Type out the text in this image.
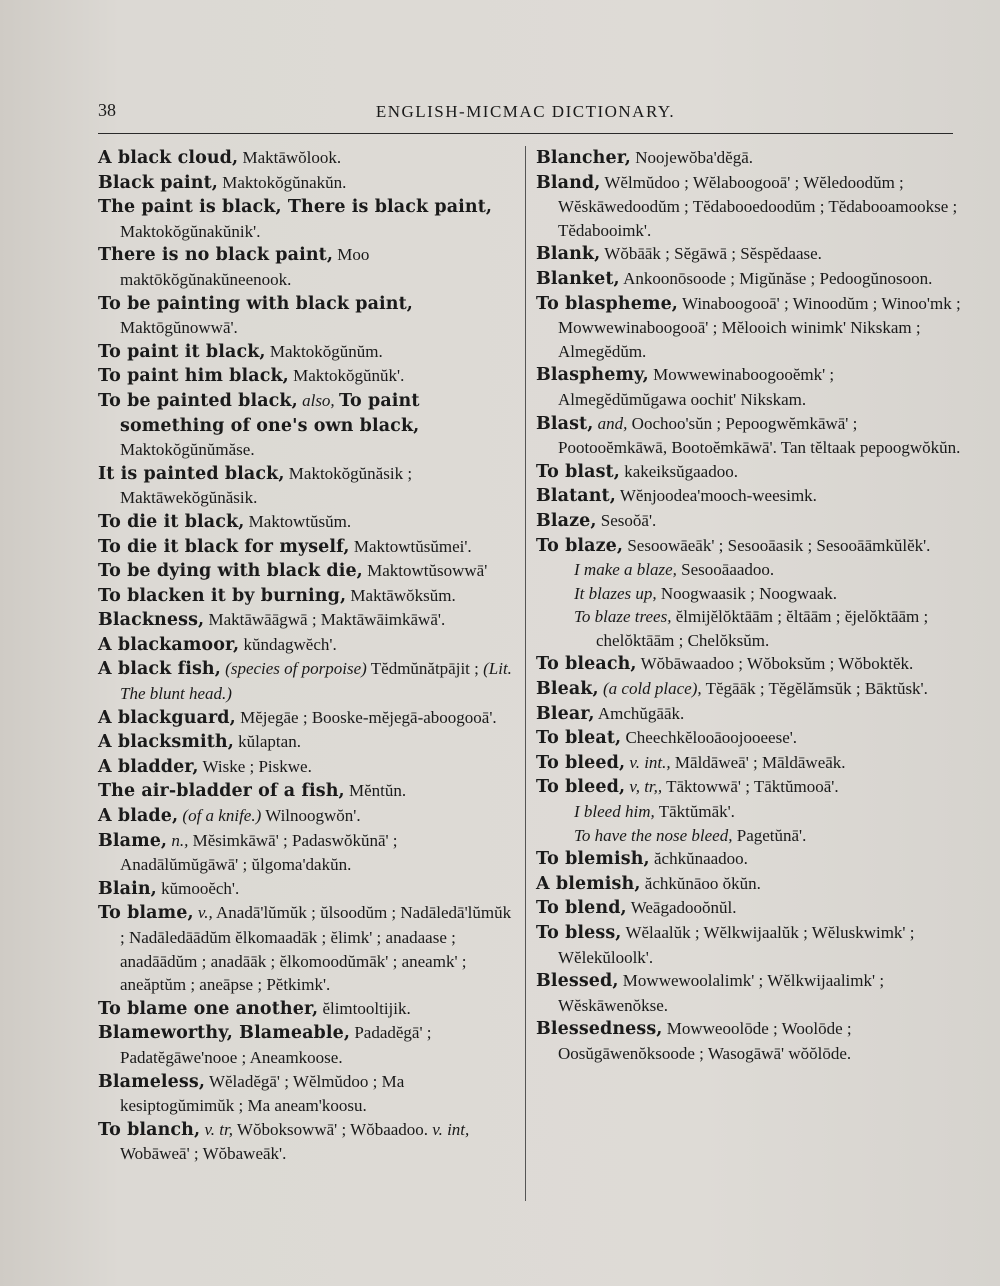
38	ENGLISH-MICMAC DICTIONARY.

A black cloud, Maktāwŏlook.

Black paint, Maktokŏgŭnakŭn.

The paint is black, There is black paint, Maktokŏgŭnakŭnik'.

There is no black paint, Moo maktōkŏgŭnakŭneenook.

To be painting with black paint, Maktōgŭnowwā'.

To paint it black, Maktokŏgŭnŭm.

To paint him black, Maktokŏgŭnŭk'.

To be painted black, also, To paint something of one's own black, Maktokŏgŭnŭmăse.

It is painted black, Maktokŏgŭnăsik ; Maktāwekŏgŭnăsik.

To die it black, Maktowtŭsŭm.

To die it black for myself, Maktowtŭsŭmei'.

To be dying with black die, Maktowtŭsowwā'

To blacken it by burning, Maktāwŏksŭm.

Blackness, Maktāwāāgwā ; Maktāwāimkāwā'.

A blackamoor, kŭndagwĕch'.

A black fish, (species of porpoise) Tĕdmŭnătpājit ; (Lit. The blunt head.)

A blackguard, Mĕjegāe ; Booske-mĕjegā-aboogooā'.

A blacksmith, kŭlaptan.

A bladder, Wiske ; Piskwe.

The air-bladder of a fish, Mĕntŭn.

A blade, (of a knife.) Wilnoogwŏn'.

Blame, n., Mĕsimkāwā' ; Padaswŏkŭnā' ; Anadālŭmŭgāwā' ; ŭlgoma'dakŭn.

Blain, kŭmooĕch'.

To blame, v., Anadā'lŭmŭk ; ŭlsoodŭm ; Nadāledā'lŭmŭk ; Nadāledāādŭm ĕlkomaadāk ; ĕlimk' ; anadaase ; anadāādŭm ; anadāāk ; ĕlkomoodŭmāk' ; aneamk' ; aneăptŭm ; aneāpse ; Pĕtkimk'.

To blame one another, ĕlimtooltijik.

Blameworthy, Blameable, Padadĕgā' ; Padatĕgāwe'nooe ; Aneamkoose.

Blameless, Wĕladĕgā' ; Wĕlmŭdoo ; Ma kesiptogŭmimŭk ; Ma aneam'koosu.

To blanch, v. tr, Wŏboksowwā' ; Wŏbaadoo. v. int, Wobāweā' ; Wŏbaweāk'.

Blancher, Noojewŏba'dĕgā.

Bland, Wĕlmŭdoo ; Wĕlaboogooā' ; Wĕledoodŭm ; Wĕskāwedoodŭm ; Tĕdabooedoodŭm ; Tĕdabooamookse ; Tĕdabooimk'.

Blank, Wŏbāāk ; Sĕgāwā ; Sĕspĕdaase.

Blanket, Ankoonōsoode ; Migŭnăse ; Pedoogŭnosoon.

To blaspheme, Winaboogooā' ; Winoodŭm ; Winoo'mk ; Mowwewinaboogooā' ; Mĕlooich winimk' Nikskam ; Almegĕdŭm.

Blasphemy, Mowwewinaboogooĕmk' ; Almegĕdŭmŭgawa oochit' Nikskam.

Blast, and, Oochoo'sŭn ; Pepoogwĕmkāwā' ; Pootooĕmkāwā, Bootoĕmkāwā'. Tan tĕltaak pepoogwŏkŭn.

To blast, kakeiksŭgaadoo.

Blatant, Wĕnjoodea'mooch-weesimk.

Blaze, Sesoŏā'.

To blaze, Sesoowāeāk' ; Sesooāasik ; Sesooāāmkŭlĕk'.

I make a blaze, Sesooāaadoo.

It blazes up, Noogwaasik ; Noogwaak.

To blaze trees, ĕlmijĕlŏktāām ; ĕltāām ; ĕjelŏktāām ; chelŏktāām ; Chelŏksŭm.

To bleach, Wŏbāwaadoo ; Wŏboksŭm ; Wŏboktĕk.

Bleak, (a cold place), Tĕgāāk ; Tĕgĕlămsŭk ; Bāktŭsk'.

Blear, Amchŭgāāk.

To bleat, Cheechkĕlooāoojooeese'.

To bleed, v. int., Māldāweā' ; Māldāweāk.

To bleed, v, tr,, Tāktowwā' ; Tāktŭmooā'.

I bleed him, Tāktŭmāk'.

To have the nose bleed, Pagetŭnā'.

To blemish, ăchkŭnaadoo.

A blemish, ăchkŭnāoo ŏkŭn.

To blend, Weāgadooŏnŭl.

To bless, Wĕlaalŭk ; Wĕlkwijaalŭk ; Wĕluskwimk' ; Wĕlekŭloolk'.

Blessed, Mowwewoolalimk' ; Wĕlkwijaalimk' ; Wĕskāwenŏkse.

Blessedness, Mowweoolōde ; Woolōde ; Oosŭgāwenŏksoode ; Wasogāwā' wŏŏlōde.
